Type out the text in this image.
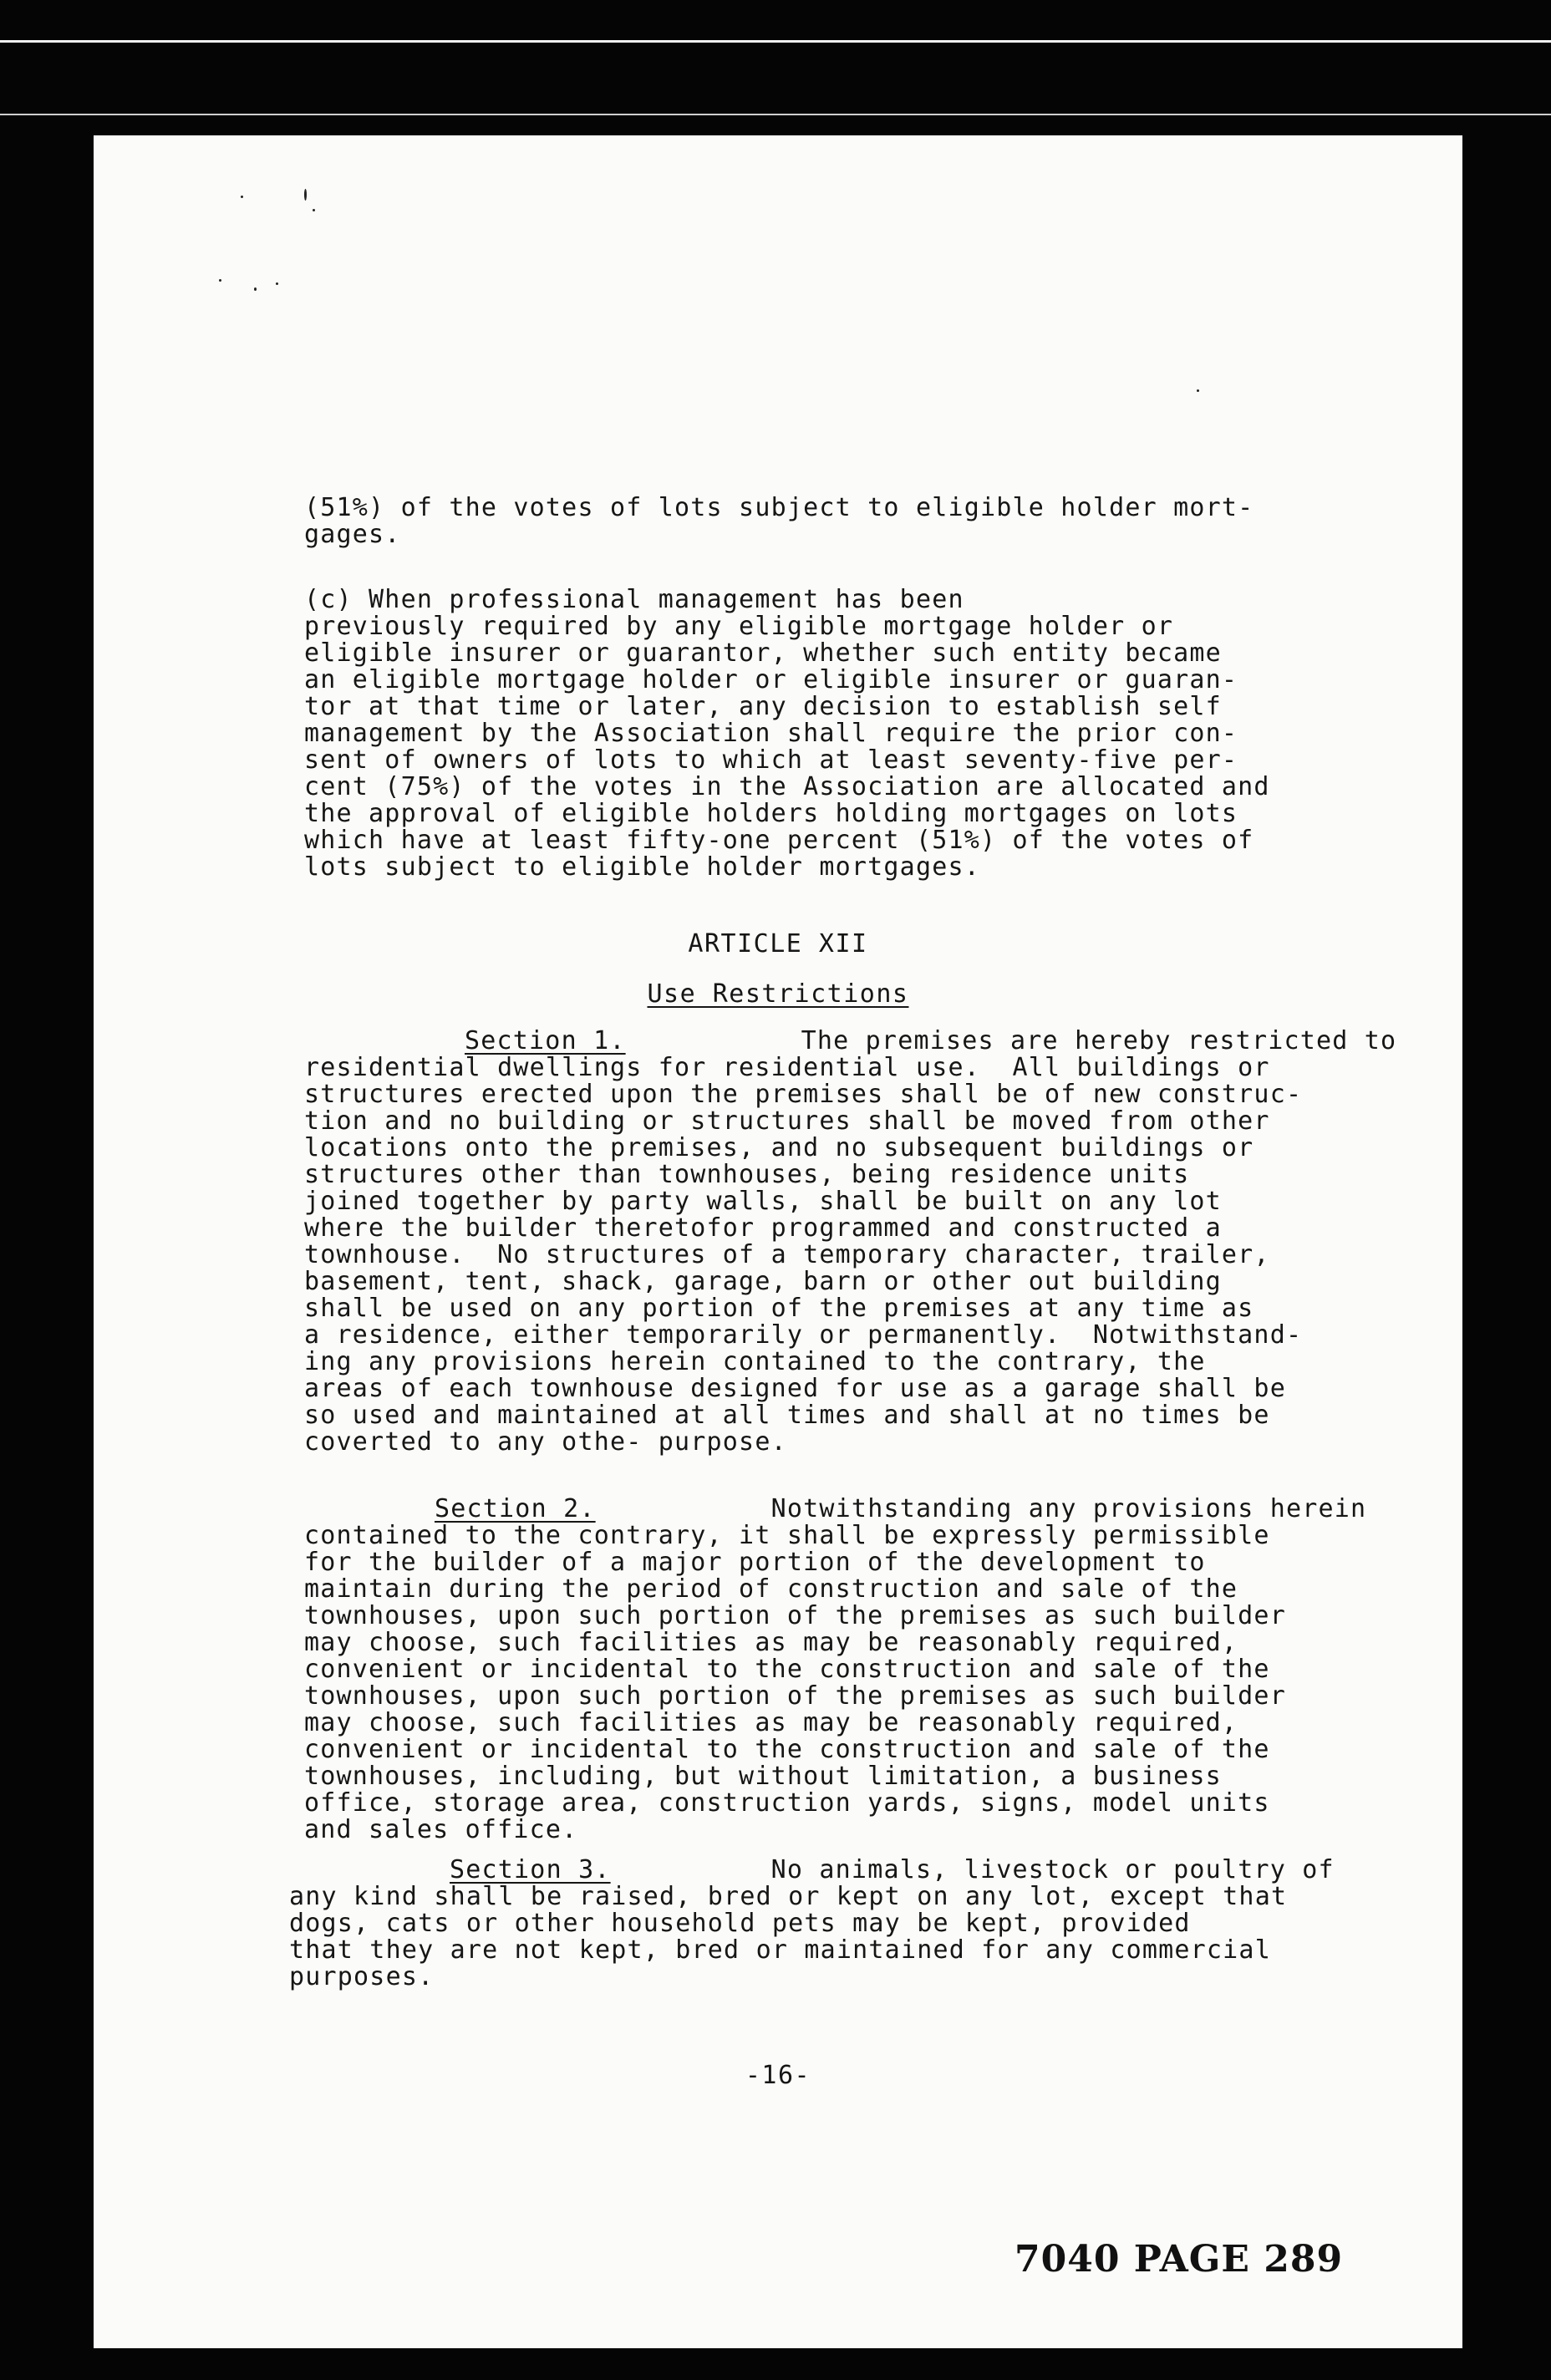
(51%) of the votes of lots subject to eligible holder mort-
gages.

(c) When professional management has been
previously required by any eligible mortgage holder or
eligible insurer or guarantor, whether such entity became
an eligible mortgage holder or eligible insurer or guaran-
tor at that time or later, any decision to establish self
management by the Association shall require the prior con-
sent of owners of lots to which at least seventy-five per-
cent (75%) of the votes in the Association are allocated and
the approval of eligible holders holding mortgages on lots
which have at least fifty-one percent (51%) of the votes of
lots subject to eligible holder mortgages.

ARTICLE XII
Use Restrictions
Section 1.	The premises are hereby restricted to
residential dwellings for residential use.  All buildings or
structures erected upon the premises shall be of new construc-
tion and no building or structures shall be moved from other
locations onto the premises, and no subsequent buildings or
structures other than townhouses, being residence units
joined together by party walls, shall be built on any lot
where the builder theretofor programmed and constructed a
townhouse.  No structures of a temporary character, trailer,
basement, tent, shack, garage, barn or other out building
shall be used on any portion of the premises at any time as
a residence, either temporarily or permanently.  Notwithstand-
ing any provisions herein contained to the contrary, the
areas of each townhouse designed for use as a garage shall be
so used and maintained at all times and shall at no times be
coverted to any othe- purpose.

Section 2.	Notwithstanding any provisions herein
contained to the contrary, it shall be expressly permissible
for the builder of a major portion of the development to
maintain during the period of construction and sale of the
townhouses, upon such portion of the premises as such builder
may choose, such facilities as may be reasonably required,
convenient or incidental to the construction and sale of the
townhouses, upon such portion of the premises as such builder
may choose, such facilities as may be reasonably required,
convenient or incidental to the construction and sale of the
townhouses, including, but without limitation, a business
office, storage area, construction yards, signs, model units
and sales office.

Section 3.	No animals, livestock or poultry of
any kind shall be raised, bred or kept on any lot, except that
dogs, cats or other household pets may be kept, provided
that they are not kept, bred or maintained for any commercial
purposes.

-16-
7040 PAGE 289
